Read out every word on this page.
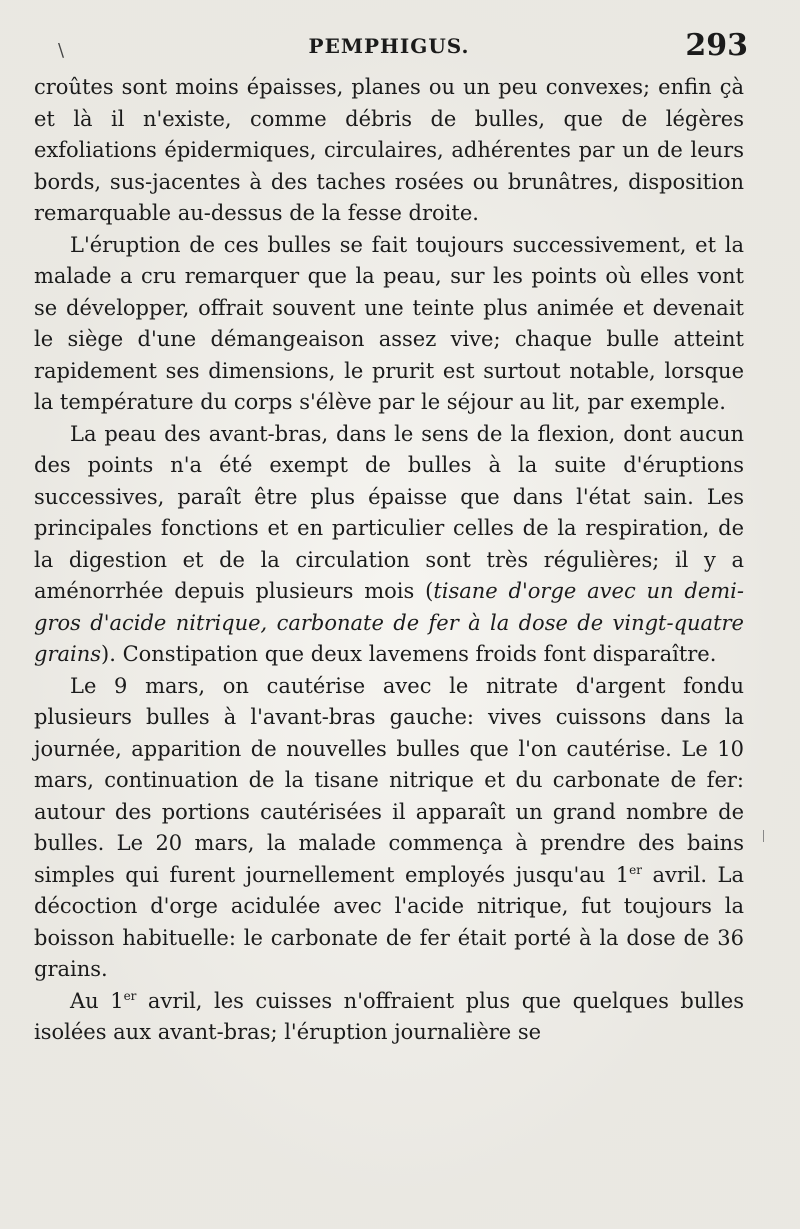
PEMPHIGUS.	293
\

croûtes sont moins épaisses, planes ou un peu convexes; enfin çà et là il n'existe, comme débris de bulles, que de légères exfoliations épidermiques, circulaires, adhérentes par un de leurs bords, sus-jacentes à des taches rosées ou brunâtres, disposition remarquable au-dessus de la fesse droite.

L'éruption de ces bulles se fait toujours successivement, et la malade a cru remarquer que la peau, sur les points où elles vont se développer, offrait souvent une teinte plus animée et devenait le siège d'une démangeaison assez vive; chaque bulle atteint rapidement ses dimensions, le prurit est surtout notable, lorsque la température du corps s'élève par le séjour au lit, par exemple.

La peau des avant-bras, dans le sens de la flexion, dont aucun des points n'a été exempt de bulles à la suite d'éruptions successives, paraît être plus épaisse que dans l'état sain. Les principales fonctions et en particulier celles de la respiration, de la digestion et de la circulation sont très régulières; il y a aménorrhée depuis plusieurs mois (tisane d'orge avec un demi-gros d'acide nitrique, carbonate de fer à la dose de vingt-quatre grains). Constipation que deux lavemens froids font disparaître.

Le 9 mars, on cautérise avec le nitrate d'argent fondu plusieurs bulles à l'avant-bras gauche: vives cuissons dans la journée, apparition de nouvelles bulles que l'on cautérise. Le 10 mars, continuation de la tisane nitrique et du carbonate de fer: autour des portions cautérisées il apparaît un grand nombre de bulles. Le 20 mars, la malade commença à prendre des bains simples qui furent journellement employés jusqu'au 1er avril. La décoction d'orge acidulée avec l'acide nitrique, fut toujours la boisson habituelle: le carbonate de fer était porté à la dose de 36 grains.

Au 1er avril, les cuisses n'offraient plus que quelques bulles isolées aux avant-bras; l'éruption journalière se
